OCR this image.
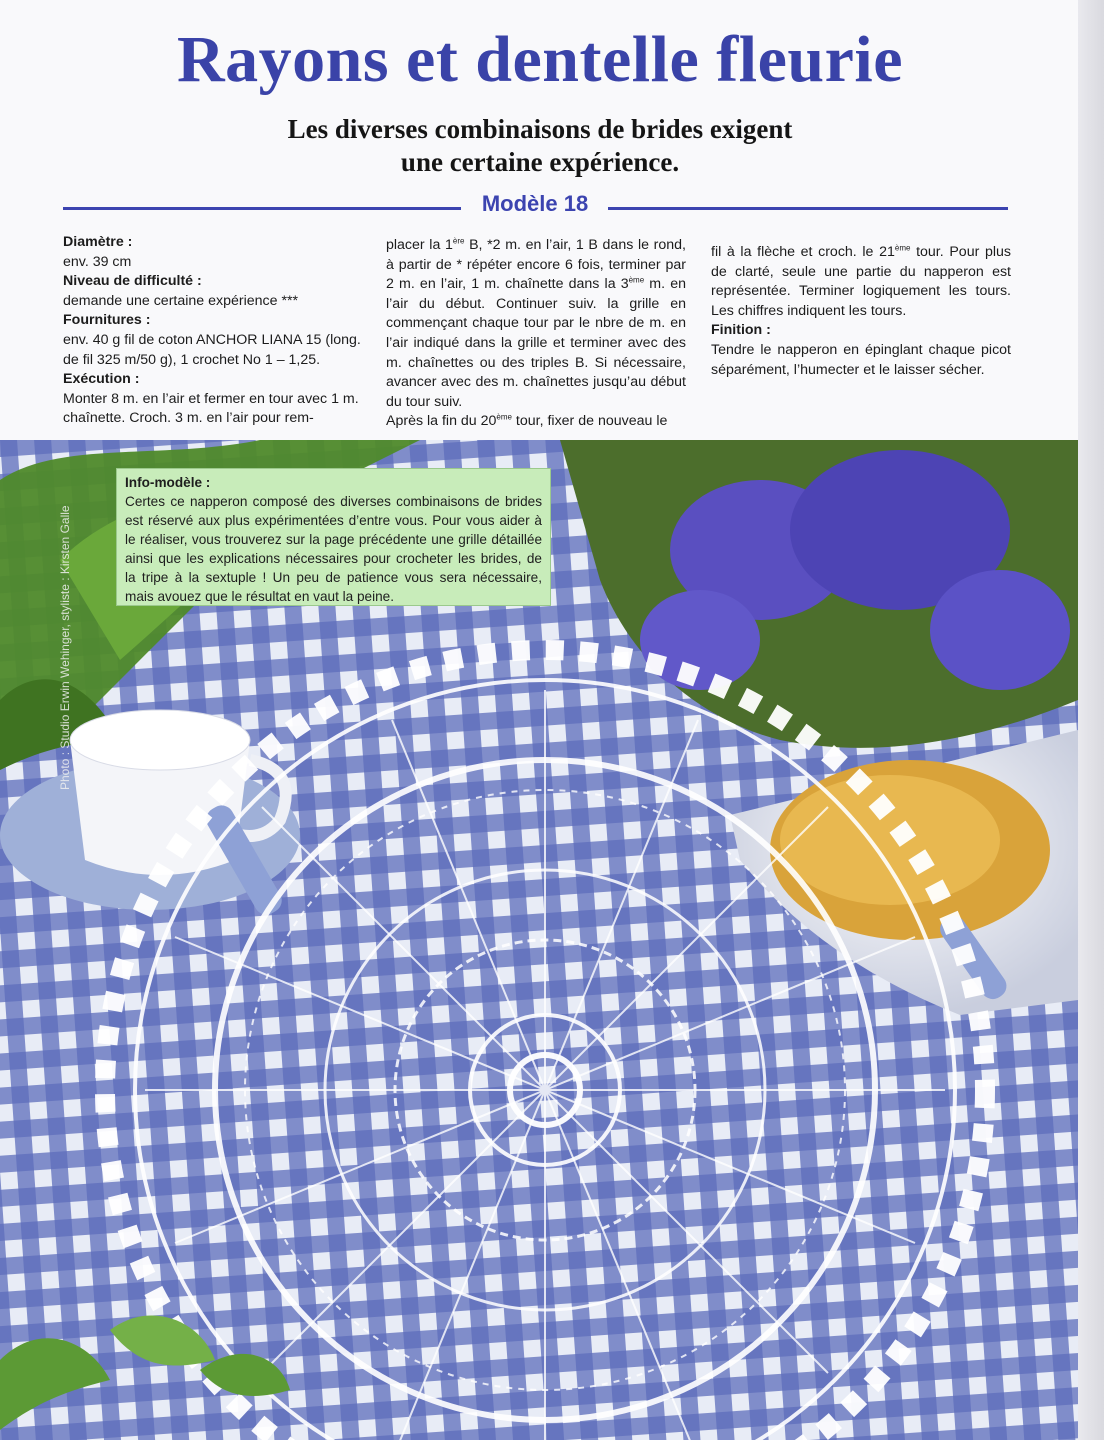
Rayons et dentelle fleurie
Les diverses combinaisons de brides exigent
une certaine expérience.
Modèle 18

Diamètre :

env. 39 cm

Niveau de difficulté :

demande une certaine expérience ***

Fournitures :

env. 40 g fil de coton ANCHOR LIANA 15 (long. de fil 325 m/50 g), 1 crochet No 1 – 1,25.

Exécution :

Monter 8 m. en l’air et fermer en tour avec 1 m. chaînette. Croch. 3 m. en l’air pour rem-

placer la 1ère B, *2 m. en l’air, 1 B dans le rond, à partir de * répéter encore 6 fois, terminer par 2 m. en l’air, 1 m. chaînette dans la 3ème m. en l’air du début. Continuer suiv. la grille en commençant chaque tour par le nbre de m. en l’air indiqué dans la grille et terminer avec des m. chaînettes ou des triples B. Si nécessaire, avancer avec des m. chaînettes jusqu’au début du tour suiv.

Après la fin du 20ème tour, fixer de nouveau le

fil à la flèche et croch. le 21ème tour. Pour plus de clarté, seule une partie du napperon est représentée. Terminer logiquement les tours. Les chiffres indiquent les tours.

Finition :

Tendre le napperon en épinglant chaque picot séparément, l’humecter et le laisser sécher.

Photo : Studio Erwin Wehinger, styliste : Kirsten Galle
Info-modèle :
Certes ce napperon composé des diverses combinaisons de brides est réservé aux plus expérimentées d’entre vous. Pour vous aider à le réaliser, vous trouverez sur la page précédente une grille détaillée ainsi que les explications nécessaires pour crocheter les brides, de la tripe à la sextuple ! Un peu de patience vous sera nécessaire, mais avouez que le résultat en vaut la peine.
